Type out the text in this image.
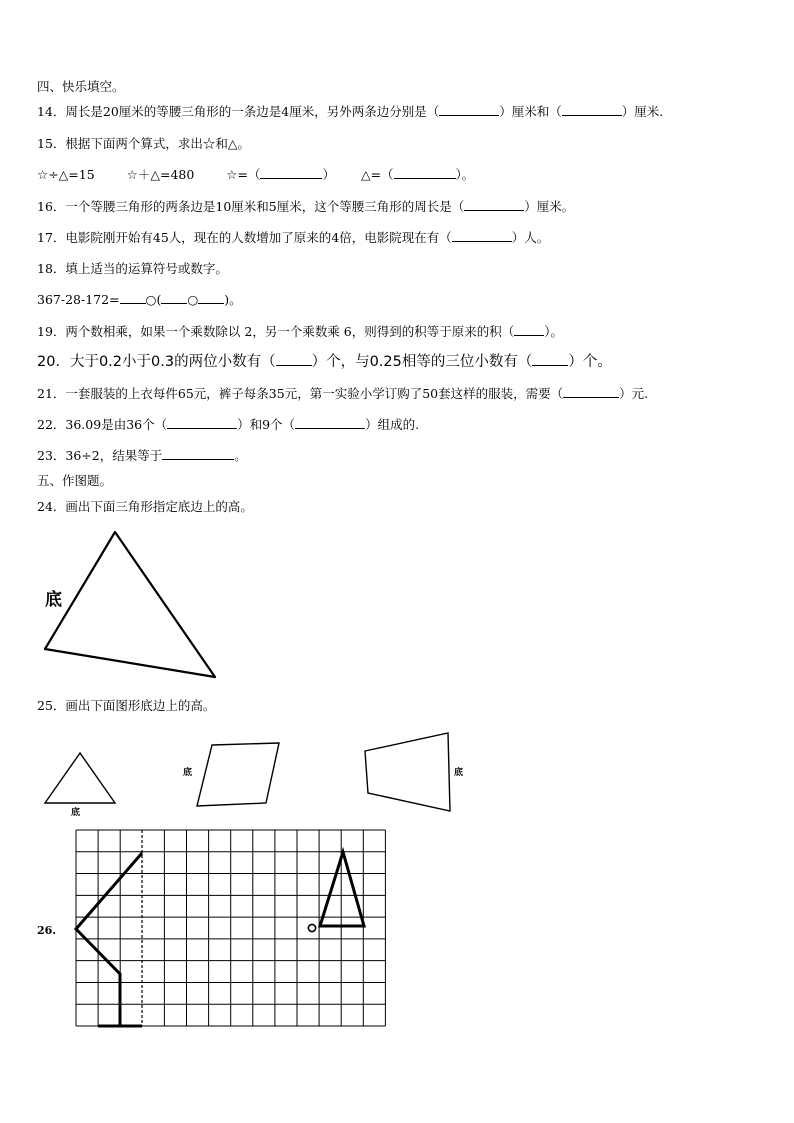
四、快乐填空。
14．周长是20厘米的等腰三角形的一条边是4厘米，另外两条边分别是（	）厘米和（	）厘米.
15．根据下面两个算式，求出☆和△。
☆÷△=15	☆＋△=480	☆=（	） △=（	）。
16．一个等腰三角形的两条边是10厘米和5厘米，这个等腰三角形的周长是（	）厘米。
17．电影院刚开始有45人，现在的人数增加了原来的4倍，电影院现在有（	）人。
18．填上适当的运算符号或数字。
367-28-172= ○( ○ )。
19．两个数相乘，如果一个乘数除以 2，另一个乘数乘 6，则得到的积等于原来的积（ ）。
20．大于0.2小于0.3的两位小数有（ ）个，与0.25相等的三位小数有（ ）个。
21．一套服装的上衣每件65元，裤子每条35元，第一实验小学订购了50套这样的服装，需要（	）元.
22．36.09是由36个（	）和9个（	）组成的.
23．36÷2，结果等于	。
五、作图题。
24．画出下面三角形指定底边上的高。
底
25．画出下面图形底边上的高。
底
底	底
26.
